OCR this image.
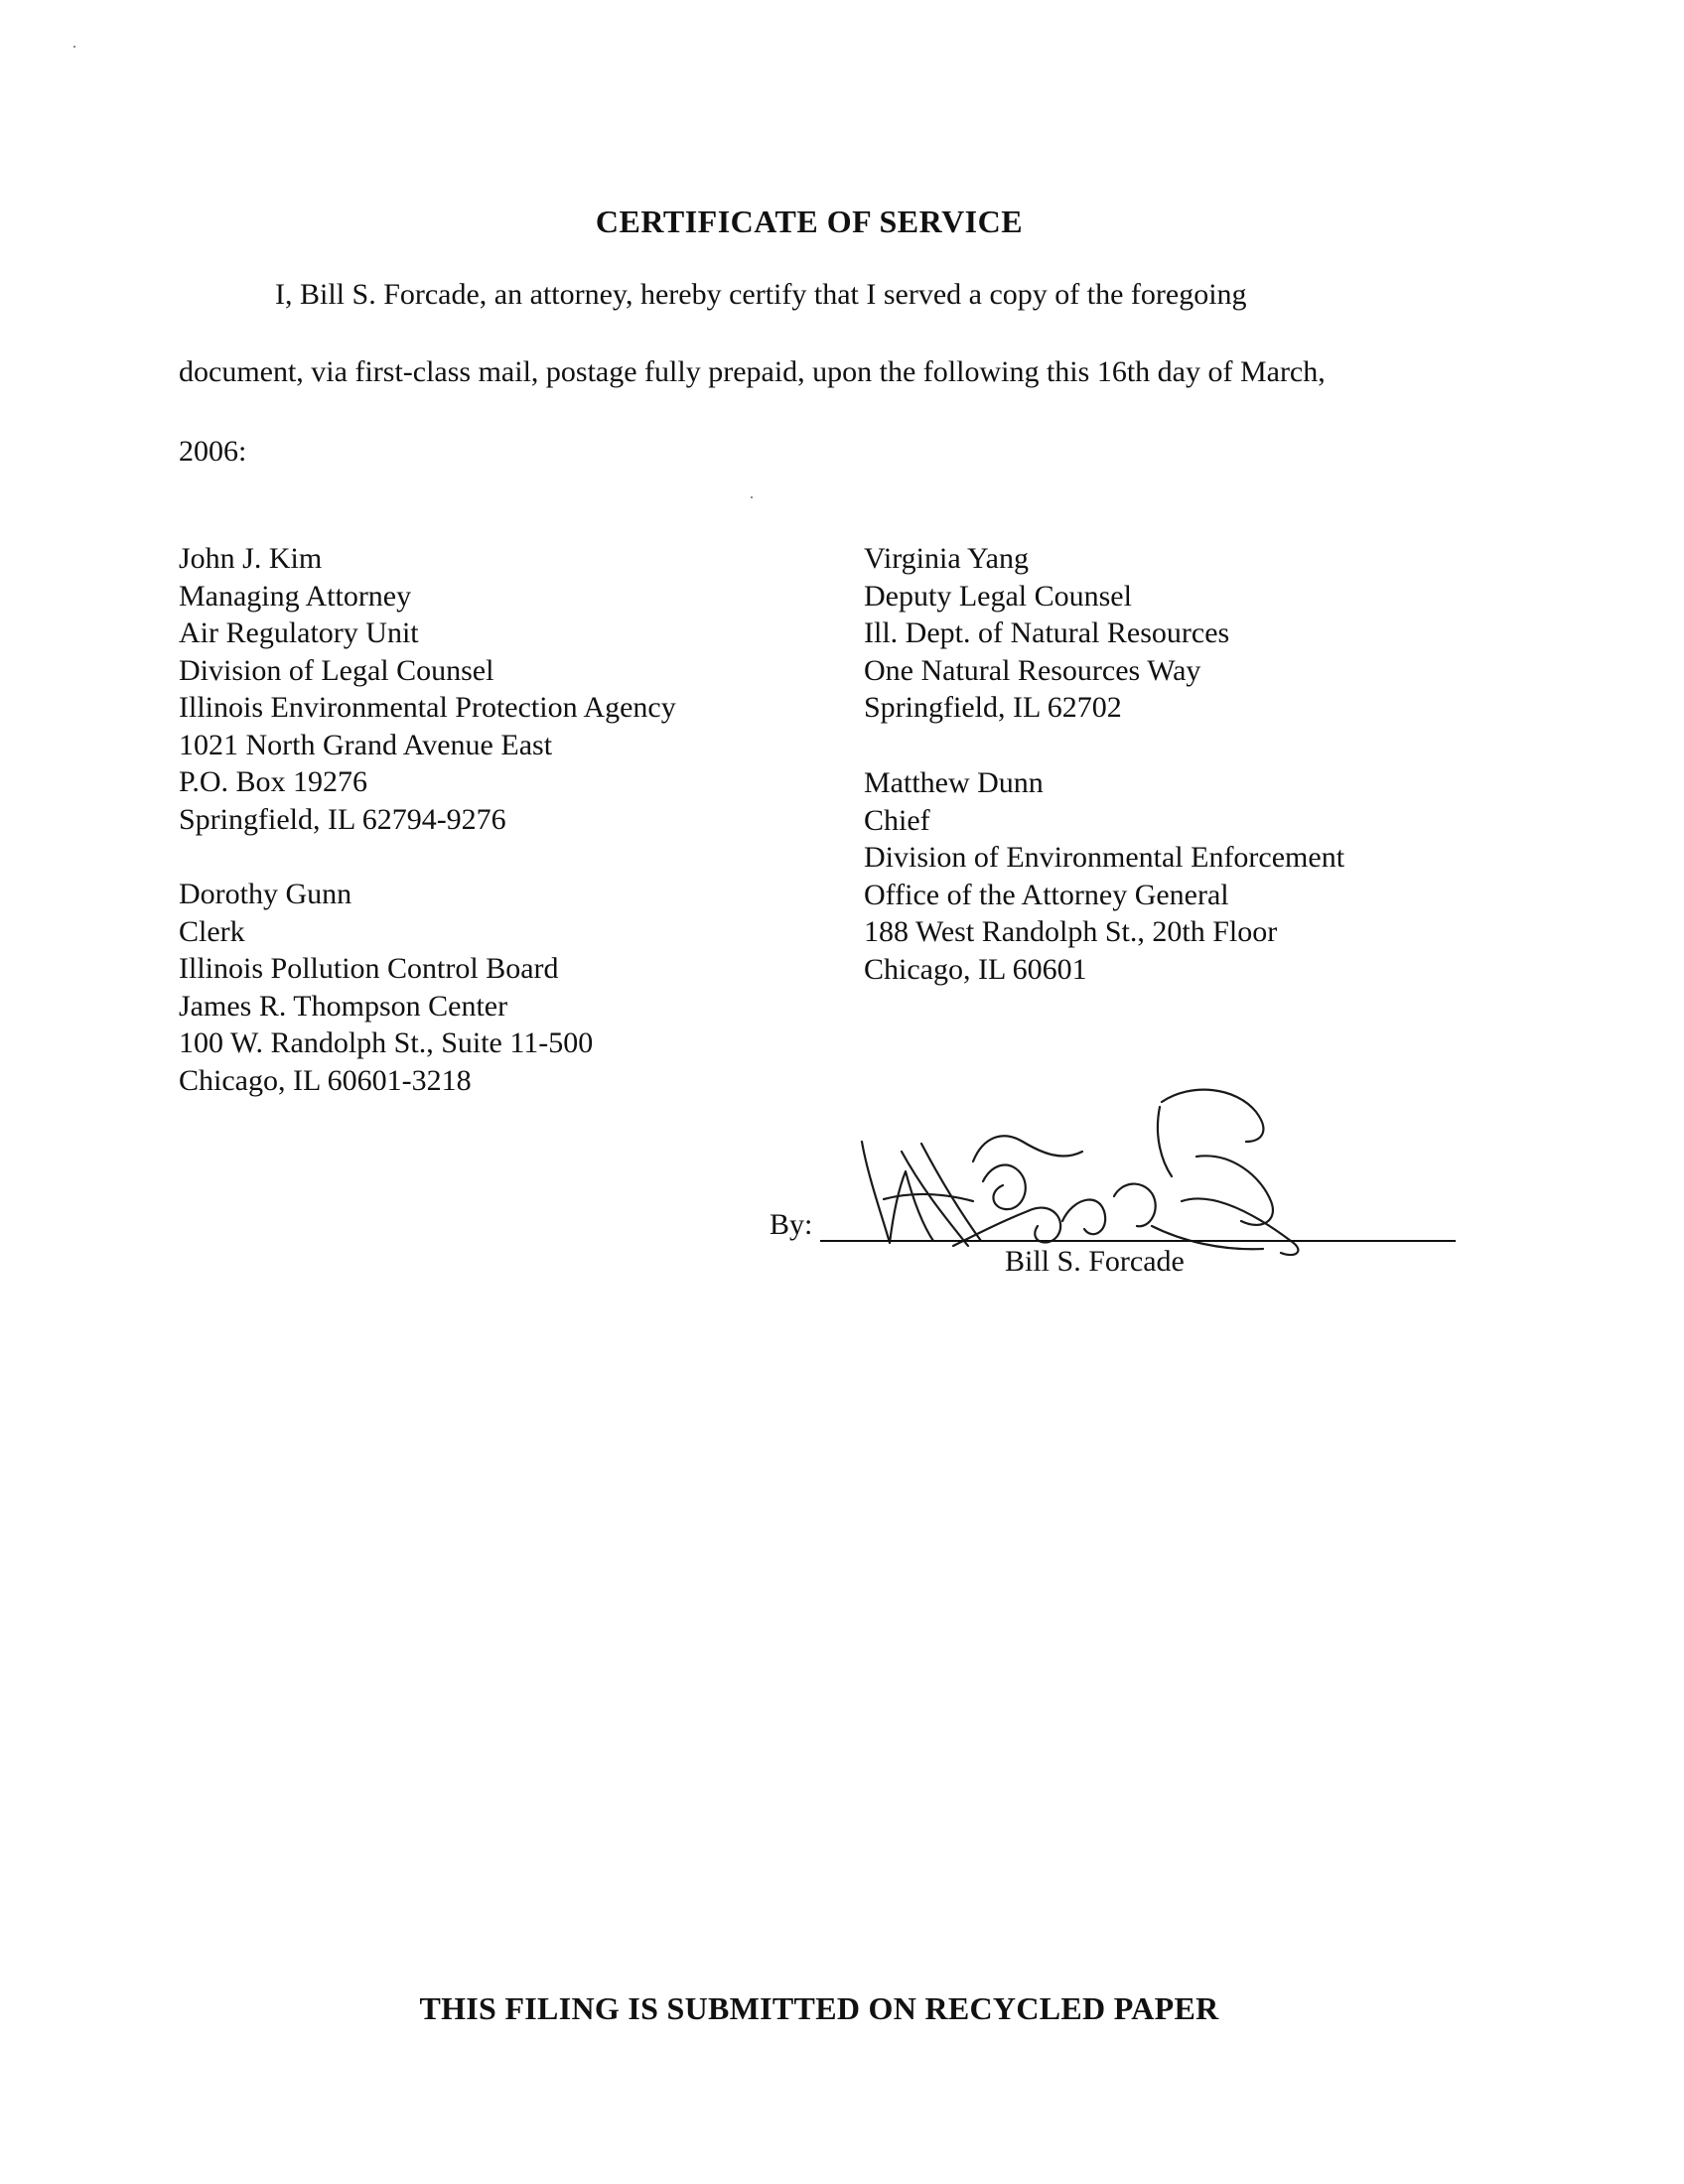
CERTIFICATE OF SERVICE
I, Bill S. Forcade, an attorney, hereby certify that I served a copy of the foregoing
document, via first-class mail, postage fully prepaid, upon the following this 16th day of March,
2006:
John J. Kim
Managing Attorney
Air Regulatory Unit
Division of Legal Counsel
Illinois Environmental Protection Agency
1021 North Grand Avenue East
P.O. Box 19276
Springfield, IL 62794-9276
Dorothy Gunn
Clerk
Illinois Pollution Control Board
James R. Thompson Center
100 W. Randolph St., Suite 11-500
Chicago, IL 60601-3218
Virginia Yang
Deputy Legal Counsel
Ill. Dept. of Natural Resources
One Natural Resources Way
Springfield, IL 62702
Matthew Dunn
Chief
Division of Environmental Enforcement
Office of the Attorney General
188 West Randolph St., 20th Floor
Chicago, IL 60601
By:
Bill S. Forcade
THIS FILING IS SUBMITTED ON RECYCLED PAPER
